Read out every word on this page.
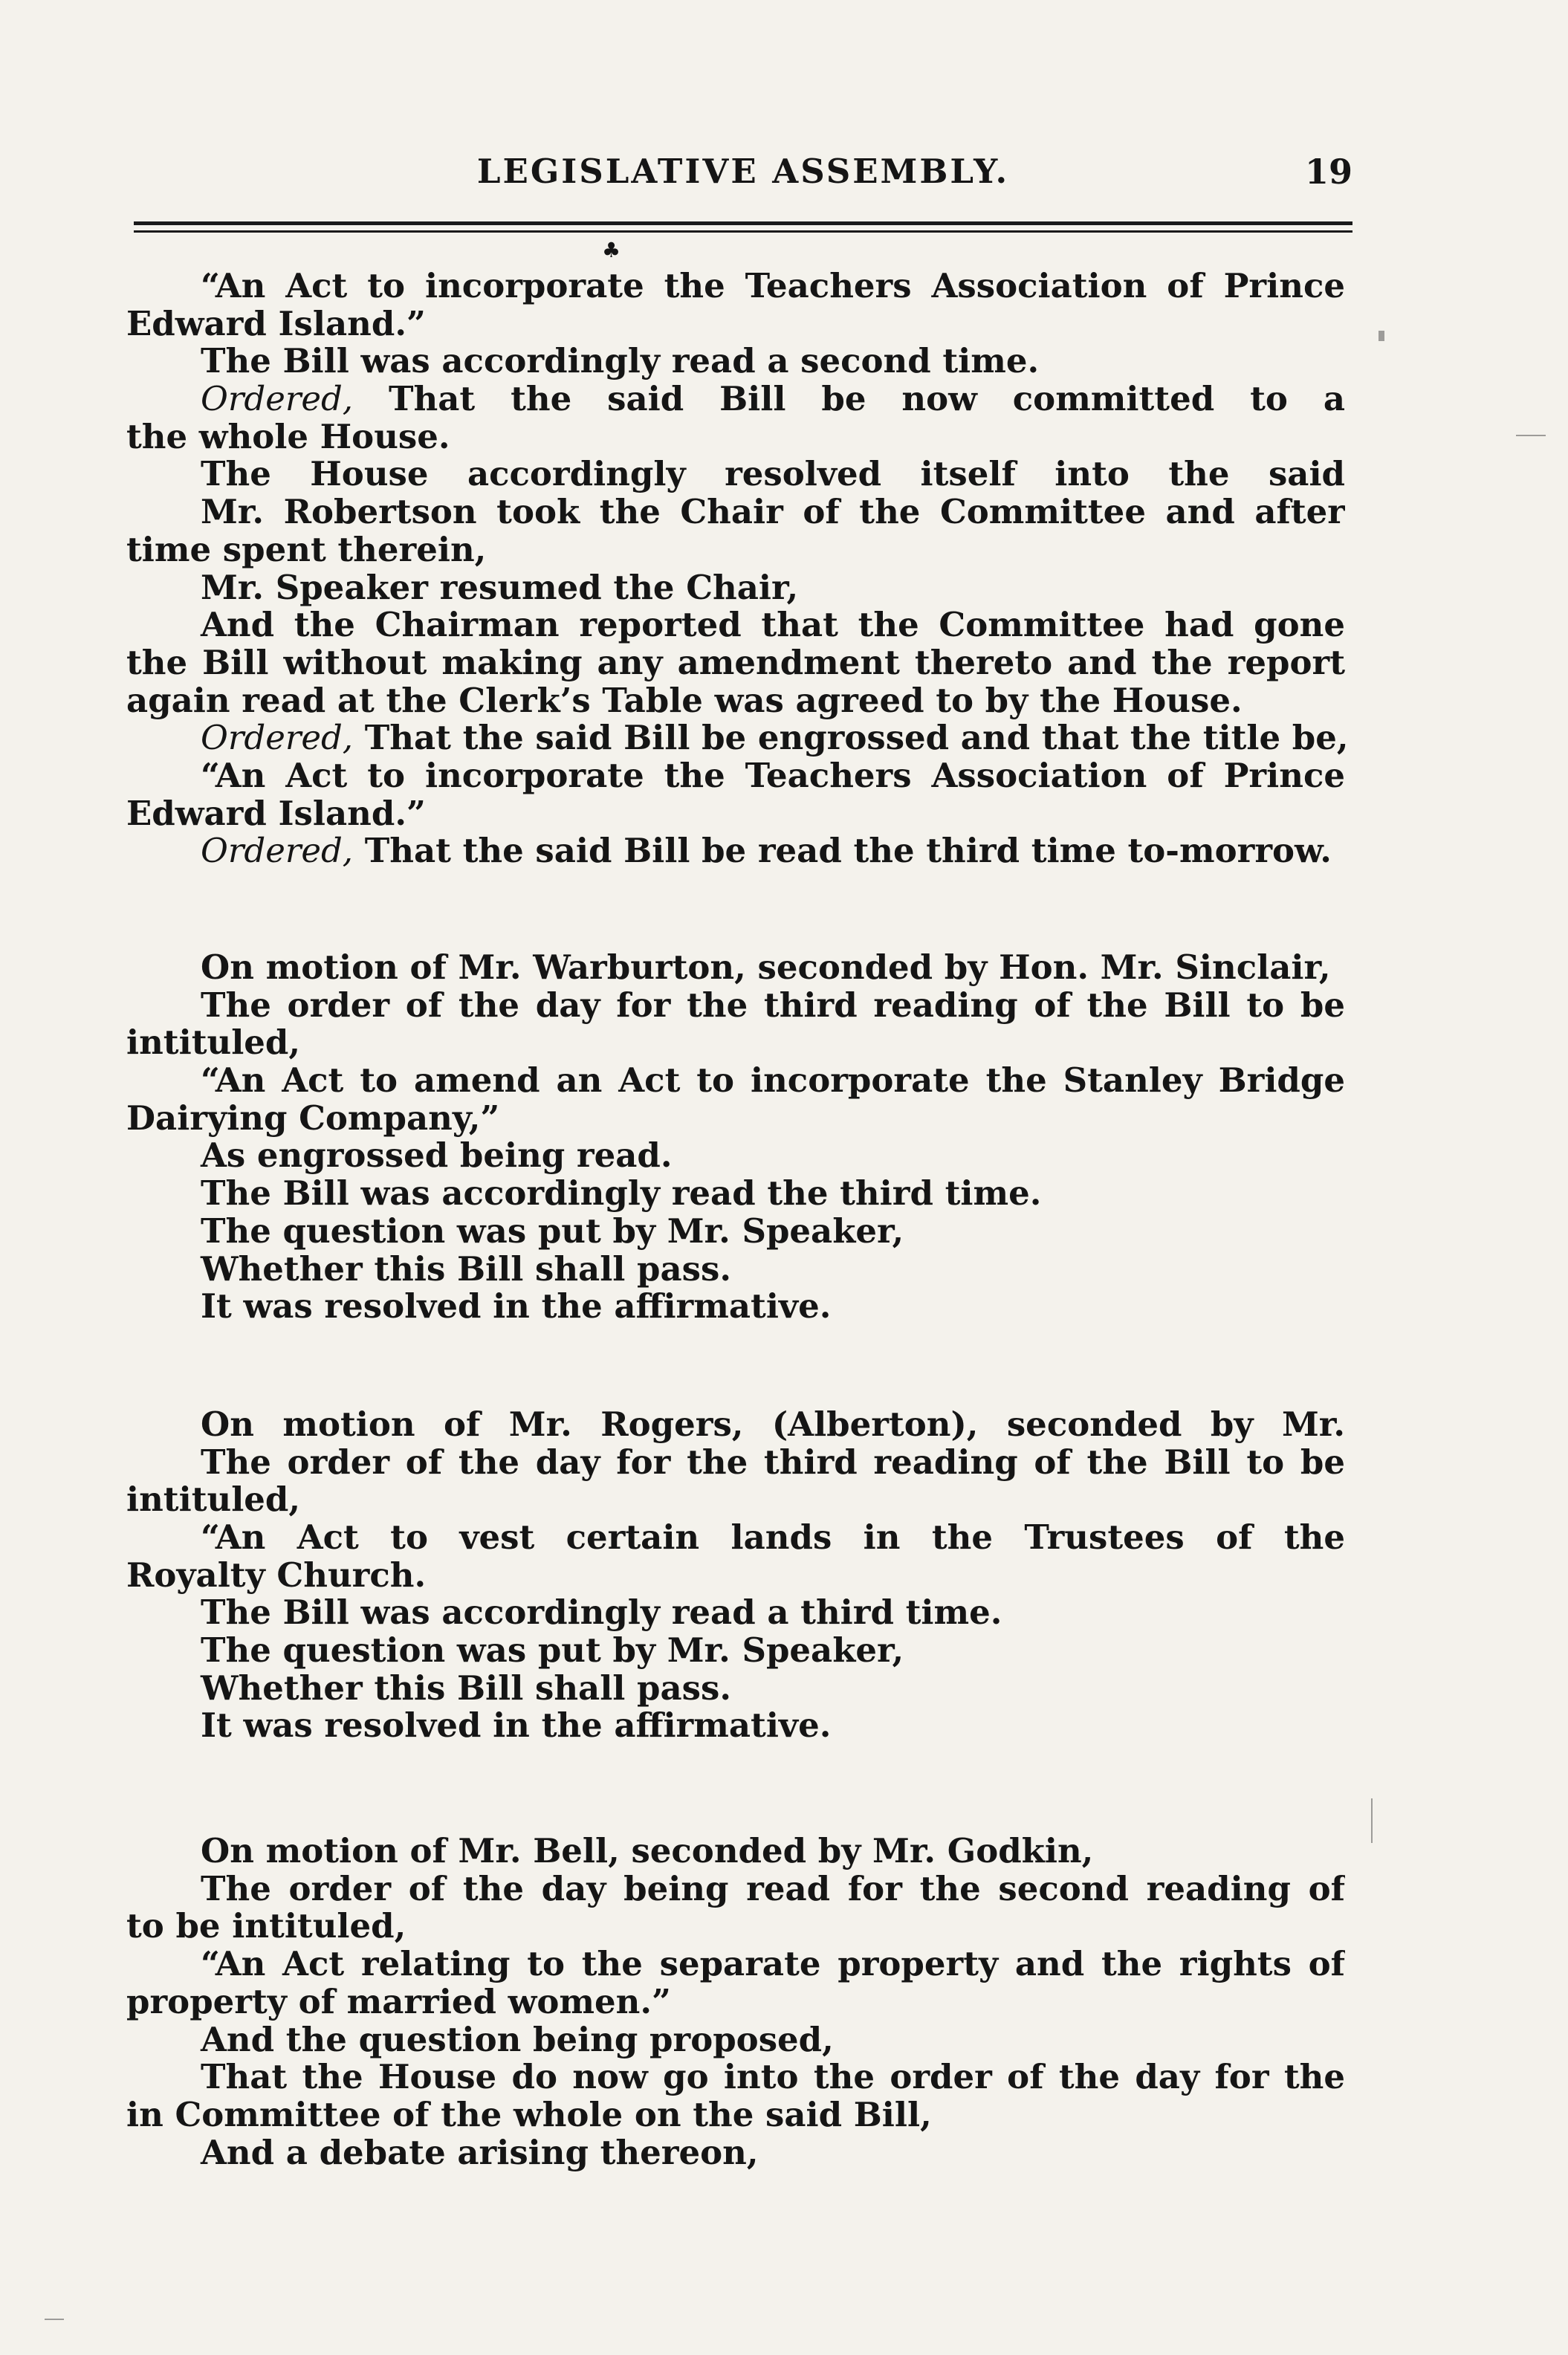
LEGISLATIVE ASSEMBLY.	19
♣
“An Act to incorporate the Teachers Association of Prince
Edward Island.”
The Bill was accordingly read a second time.
Ordered, That the said Bill be now committed to a
the whole House.
The House accordingly resolved itself into the said
Mr. Robertson took the Chair of the Committee and after
time spent therein,
Mr. Speaker resumed the Chair,
And the Chairman reported that the Committee had gone
the Bill without making any amendment thereto and the report
again read at the Clerk’s Table was agreed to by the House.
Ordered, That the said Bill be engrossed and that the title be,
“An Act to incorporate the Teachers Association of Prince
Edward Island.”
Ordered, That the said Bill be read the third time to-morrow.
On motion of Mr. Warburton, seconded by Hon. Mr. Sinclair,
The order of the day for the third reading of the Bill to be
intituled,
“An Act to amend an Act to incorporate the Stanley Bridge
Dairying Company,”
As engrossed being read.
The Bill was accordingly read the third time.
The question was put by Mr. Speaker,
Whether this Bill shall pass.
It was resolved in the affirmative.
On motion of Mr. Rogers, (Alberton), seconded by Mr.
The order of the day for the third reading of the Bill to be
intituled,
“An Act to vest certain lands in the Trustees of the
Royalty Church.
The Bill was accordingly read a third time.
The question was put by Mr. Speaker,
Whether this Bill shall pass.
It was resolved in the affirmative.
On motion of Mr. Bell, seconded by Mr. Godkin,
The order of the day being read for the second reading of
to be intituled,
“An Act relating to the separate property and the rights of
property of married women.”
And the question being proposed,
That the House do now go into the order of the day for the
in Committee of the whole on the said Bill,
And a debate arising thereon,
